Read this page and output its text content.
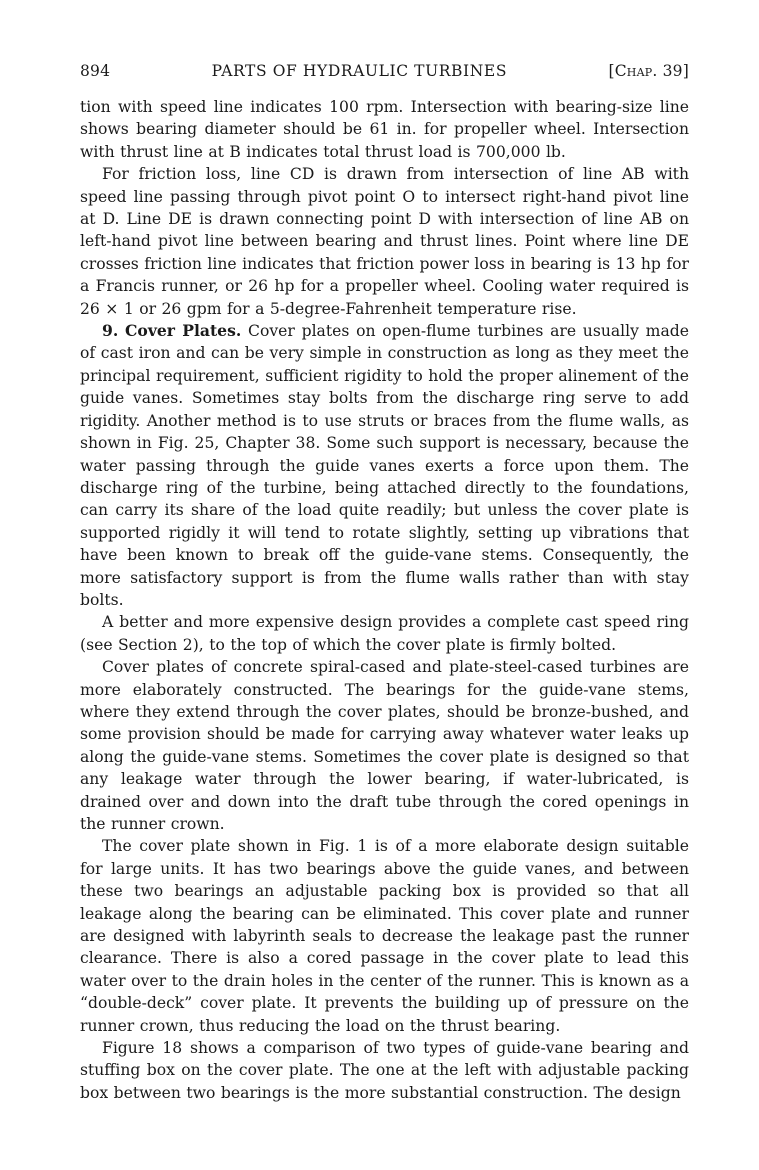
894	PARTS OF HYDRAULIC TURBINES	[Chap. 39]

tion with speed line indicates 100 rpm. Intersection with bearing-size line shows bearing diameter should be 61 in. for propeller wheel. Intersection with thrust line at B indicates total thrust load is 700,000 lb.

For friction loss, line CD is drawn from intersection of line AB with speed line passing through pivot point O to intersect right-hand pivot line at D. Line DE is drawn connecting point D with intersection of line AB on left-hand pivot line between bearing and thrust lines. Point where line DE crosses friction line indicates that friction power loss in bearing is 13 hp for a Francis runner, or 26 hp for a propeller wheel. Cooling water required is 26 × 1 or 26 gpm for a 5-degree-Fahrenheit temperature rise.

9. Cover Plates. Cover plates on open-flume turbines are usually made of cast iron and can be very simple in construction as long as they meet the principal requirement, sufficient rigidity to hold the proper alinement of the guide vanes. Sometimes stay bolts from the discharge ring serve to add rigidity. Another method is to use struts or braces from the flume walls, as shown in Fig. 25, Chapter 38. Some such support is necessary, because the water passing through the guide vanes exerts a force upon them. The discharge ring of the turbine, being attached directly to the foundations, can carry its share of the load quite readily; but unless the cover plate is supported rigidly it will tend to rotate slightly, setting up vibrations that have been known to break off the guide-vane stems. Consequently, the more satisfactory support is from the flume walls rather than with stay bolts.

A better and more expensive design provides a complete cast speed ring (see Section 2), to the top of which the cover plate is firmly bolted.

Cover plates of concrete spiral-cased and plate-steel-cased turbines are more elaborately constructed. The bearings for the guide-vane stems, where they extend through the cover plates, should be bronze-bushed, and some provision should be made for carrying away whatever water leaks up along the guide-vane stems. Sometimes the cover plate is designed so that any leakage water through the lower bearing, if water-lubricated, is drained over and down into the draft tube through the cored openings in the runner crown.

The cover plate shown in Fig. 1 is of a more elaborate design suitable for large units. It has two bearings above the guide vanes, and between these two bearings an adjustable packing box is provided so that all leakage along the bearing can be eliminated. This cover plate and runner are designed with labyrinth seals to decrease the leakage past the runner clearance. There is also a cored passage in the cover plate to lead this water over to the drain holes in the center of the runner. This is known as a “double-deck” cover plate. It prevents the building up of pressure on the runner crown, thus reducing the load on the thrust bearing.

Figure 18 shows a comparison of two types of guide-vane bearing and stuffing box on the cover plate. The one at the left with adjustable packing box between two bearings is the more substantial construction. The design
